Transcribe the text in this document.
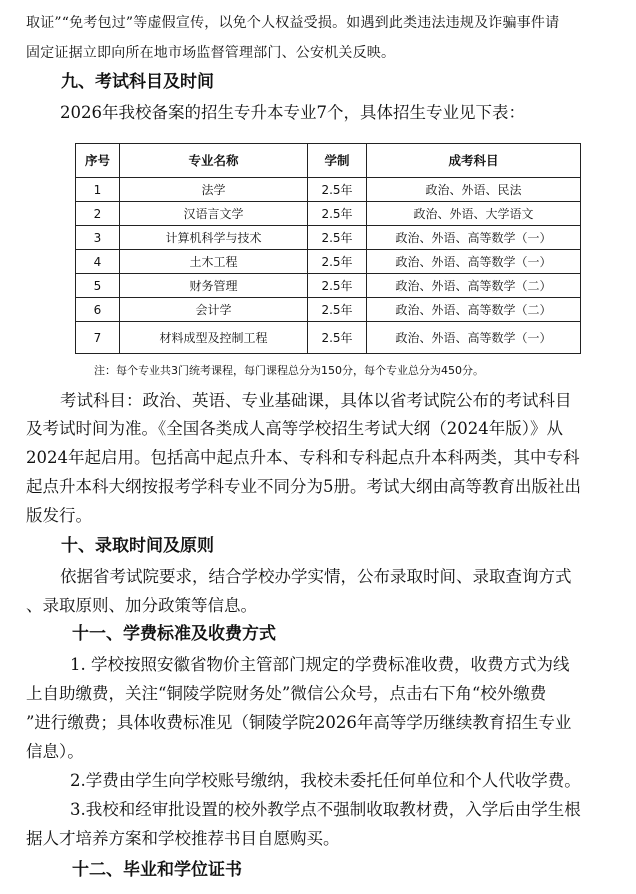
取证”“免考包过”等虚假宣传，以免个人权益受损。如遇到此类违法违规及诈骗事件请
固定证据立即向所在地市场监督管理部门、公安机关反映。
九、考试科目及时间
2026年我校备案的招生专升本专业7个，具体招生专业见下表：
序号	专业名称	学制	成考科目
1	法学	2.5年	政治、外语、民法
2	汉语言文学	2.5年	政治、外语、大学语文
3	计算机科学与技术	2.5年	政治、外语、高等数学（一）
4	土木工程	2.5年	政治、外语、高等数学（一）
5	财务管理	2.5年	政治、外语、高等数学（二）
6	会计学	2.5年	政治、外语、高等数学（二）
7	材料成型及控制工程	2.5年	政治、外语、高等数学（一）
注：每个专业共3门统考课程，每门课程总分为150分，每个专业总分为450分。
考试科目：政治、英语、专业基础课，具体以省考试院公布的考试科目
及考试时间为准。《全国各类成人高等学校招生考试大纲（2024年版）》从
2024年起启用。包括高中起点升本、专科和专科起点升本科两类，其中专科
起点升本科大纲按报考学科专业不同分为5册。考试大纲由高等教育出版社出
版发行。
十、录取时间及原则
依据省考试院要求，结合学校办学实情，公布录取时间、录取查询方式
、录取原则、加分政策等信息。
十一、学费标准及收费方式
1. 学校按照安徽省物价主管部门规定的学费标准收费，收费方式为线
上自助缴费，关注“铜陵学院财务处”微信公众号，点击右下角“校外缴费
”进行缴费；具体收费标准见（铜陵学院2026年高等学历继续教育招生专业
信息）。
2.学费由学生向学校账号缴纳，我校未委托任何单位和个人代收学费。
3.我校和经审批设置的校外教学点不强制收取教材费，入学后由学生根
据人才培养方案和学校推荐书目自愿购买。
十二、毕业和学位证书
